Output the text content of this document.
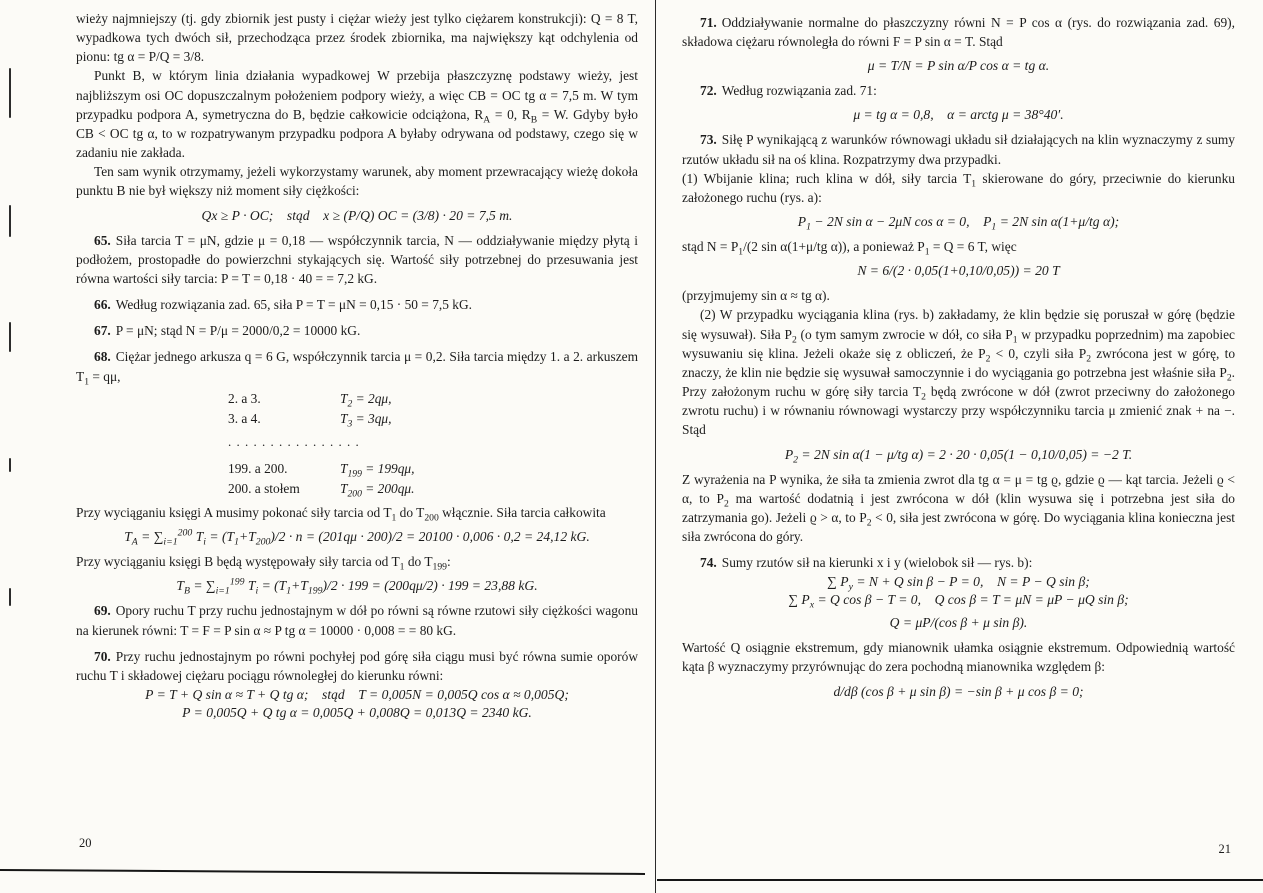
wieży najmniejszy (tj. gdy zbiornik jest pusty i ciężar wieży jest tylko ciężarem konstrukcji): Q = 8 T, wypadkowa tych dwóch sił, przechodząca przez środek zbiornika, ma największy kąt odchylenia od pionu: tg α = P/Q = 3/8.

Punkt B, w którym linia działania wypadkowej W przebija płaszczyznę podstawy wieży, jest najbliższym osi OC dopuszczalnym położeniem podpory wieży, a więc CB = OC tg α = 7,5 m. W tym przypadku podpora A, symetryczna do B, będzie całkowicie odciążona, $R_A = 0$, $R_B = W$. Gdyby było CB < OC tg α, to w rozpatrywanym przypadku podpora A byłaby odrywana od podstawy, czego się w zadaniu nie zakłada.

Ten sam wynik otrzymamy, jeżeli wykorzystamy warunek, aby moment przewracający wieżę dokoła punktu B nie był większy niż moment siły ciężkości:

Qx ≥ P · OC; stąd x ≥ (P/Q) OC = (3/8) · 20 = 7,5 m.

65. Siła tarcia T = μN, gdzie μ = 0,18 — współczynnik tarcia, N — oddziaływanie między płytą i podłożem, prostopadłe do powierzchni stykających się. Wartość siły potrzebnej do przesuwania jest równa wartości siły tarcia: P = T = 0,18 · 40 = = 7,2 kG.

66. Według rozwiązania zad. 65, siła P = T = μN = 0,15 · 50 = 7,5 kG.

67. P = μN; stąd N = P/μ = 2000/0,2 = 10000 kG.

68. Ciężar jednego arkusza q = 6 G, współczynnik tarcia μ = 0,2. Siła tarcia między 1. a 2. arkuszem $T_1 = q\mu$,

2. a 3.	$T_2 = 2q\mu$,
3. a 4.	$T_3 = 3q\mu$,
. . . . . . . . . . . . . . . .
199. a 200.	$T_{199} = 199q\mu$,
200. a stołem	$T_{200} = 200q\mu$.

Przy wyciąganiu księgi A musimy pokonać siły tarcia od $T_1$ do $T_{200}$ włącznie. Siła tarcia całkowita

$T_A = \sum_{i=1}^{200}$ $T_i = (T_1+T_{200})/2 \cdot n = (201q\mu \cdot 200)/2 = 20100 \cdot 0,006 \cdot 0,2 = 24,12$ kG.

Przy wyciąganiu księgi B będą występowały siły tarcia od $T_1$ do $T_{199}$:

$T_B = \sum_{i=1}^{199}$ $T_i = (T_1+T_{199})/2 \cdot 199 = (200q\mu/2) \cdot 199 = 23,88$ kG.

69. Opory ruchu T przy ruchu jednostajnym w dół po równi są równe rzutowi siły ciężkości wagonu na kierunek równi: T = F = P sin α ≈ P tg α = 10000 · 0,008 = = 80 kG.

70. Przy ruchu jednostajnym po równi pochyłej pod górę siła ciągu musi być równa sumie oporów ruchu T i składowej ciężaru pociągu równoległej do kierunku równi:

P = T + Q sin α ≈ T + Q tg α; stąd T = 0,005N = 0,005Q cos α ≈ 0,005Q;
P = 0,005Q + Q tg α = 0,005Q + 0,008Q = 0,013Q = 2340 kG.
20

71. Oddziaływanie normalne do płaszczyzny równi N = P cos α (rys. do rozwiązania zad. 69), składowa ciężaru równoległa do równi F = P sin α = T. Stąd

μ = T/N = P sin α/P cos α = tg α.

72. Według rozwiązania zad. 71:

μ = tg α = 0,8, α = arctg μ = 38°40′.

73. Siłę P wynikającą z warunków równowagi układu sił działających na klin wyznaczymy z sumy rzutów układu sił na oś klina. Rozpatrzymy dwa przypadki.

(1) Wbijanie klina; ruch klina w dół, siły tarcia $T_1$ skierowane do góry, przeciwnie do kierunku założonego ruchu (rys. a):

$P_1 - 2N$ sin α − 2μN cos α = 0, $P_1 = 2N$ sin α(1+μ/tg α);

stąd $N = P_1/(2$ sin α(1+μ/tg α)), a ponieważ $P_1 = Q = 6$ T, więc

N = 6/(2 · 0,05(1+0,10/0,05)) = 20 T

(przyjmujemy sin α ≈ tg α).

(2) W przypadku wyciągania klina (rys. b) zakładamy, że klin będzie się poruszał w górę (będzie się wysuwał). Siła $P_2$ (o tym samym zwrocie w dół, co siła $P_1$ w przypadku poprzednim) ma zapobiec wysuwaniu się klina. Jeżeli okaże się z obliczeń, że $P_2 < 0$, czyli siła $P_2$ zwrócona jest w górę, to znaczy, że klin nie będzie się wysuwał samoczynnie i do wyciągania go potrzebna jest właśnie siła $P_2$. Przy założonym ruchu w górę siły tarcia $T_2$ będą zwrócone w dół (zwrot przeciwny do założonego zwrotu ruchu) i w równaniu równowagi wystarczy przy współczynniku tarcia μ zmienić znak + na −. Stąd

$P_2 = 2N$ sin α(1 − μ/tg α) = 2 · 20 · 0,05(1 − 0,10/0,05) = −2 T.

Z wyrażenia na P wynika, że siła ta zmienia zwrot dla tg α = μ = tg ϱ, gdzie ϱ — kąt tarcia. Jeżeli ϱ < α, to $P_2$ ma wartość dodatnią i jest zwrócona w dół (klin wysuwa się i potrzebna jest siła do zatrzymania go). Jeżeli ϱ > α, to $P_2 < 0$, siła jest zwrócona w górę. Do wyciągania klina konieczna jest siła zwrócona do góry.

74. Sumy rzutów sił na kierunki x i y (wielobok sił — rys. b):

∑ $P_y = N + Q$ sin β − P = 0, N = P − Q sin β;
∑ $P_x = Q$ cos β − T = 0, Q cos β = T = μN = μP − μQ sin β;
Q = μP/(cos β + μ sin β).

Wartość Q osiągnie ekstremum, gdy mianownik ułamka osiągnie ekstremum. Odpowiednią wartość kąta β wyznaczymy przyrównując do zera pochodną mianownika względem β:

d/dβ (cos β + μ sin β) = −sin β + μ cos β = 0;
21
